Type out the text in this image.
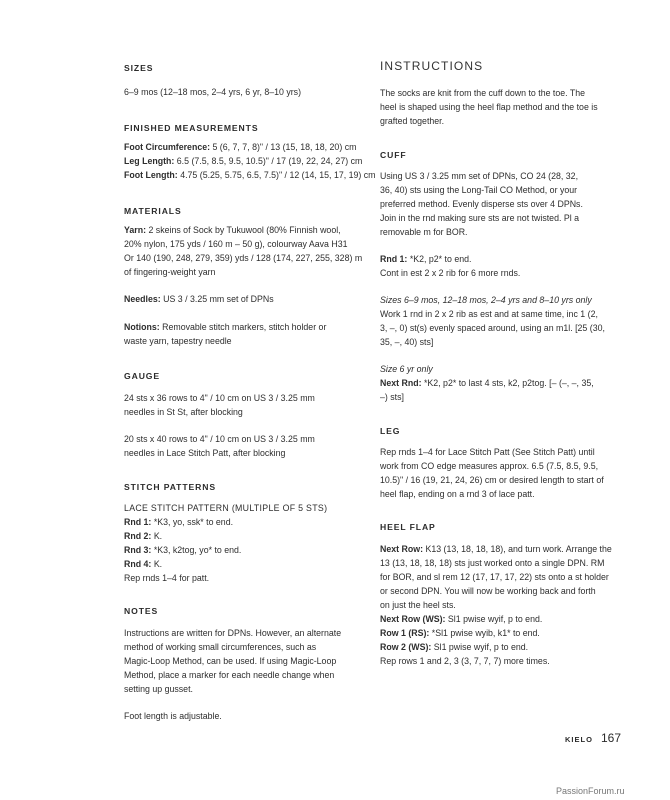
SIZES
6–9 mos (12–18 mos, 2–4 yrs, 6 yr, 8–10 yrs)
FINISHED MEASUREMENTS
Foot Circumference: 5 (6, 7, 7, 8)" / 13 (15, 18, 18, 20) cm
Leg Length: 6.5 (7.5, 8.5, 9.5, 10.5)" / 17 (19, 22, 24, 27) cm
Foot Length: 4.75 (5.25, 5.75, 6.5, 7.5)" / 12 (14, 15, 17, 19) cm
MATERIALS
Yarn: 2 skeins of Sock by Tukuwool (80% Finnish wool,
20% nylon, 175 yds / 160 m – 50 g), colourway Aava H31
Or 140 (190, 248, 279, 359) yds / 128 (174, 227, 255, 328) m
of fingering-weight yarn
Needles: US 3 / 3.25 mm set of DPNs
Notions: Removable stitch markers, stitch holder or
waste yarn, tapestry needle
GAUGE
24 sts x 36 rows to 4" / 10 cm on US 3 / 3.25 mm
needles in St St, after blocking
20 sts x 40 rows to 4" / 10 cm on US 3 / 3.25 mm
needles in Lace Stitch Patt, after blocking
STITCH PATTERNS
LACE STITCH PATTERN (MULTIPLE OF 5 STS)
Rnd 1: *K3, yo, ssk* to end.
Rnd 2: K.
Rnd 3: *K3, k2tog, yo* to end.
Rnd 4: K.
Rep rnds 1–4 for patt.
NOTES
Instructions are written for DPNs. However, an alternate
method of working small circumferences, such as
Magic-Loop Method, can be used. If using Magic-Loop
Method, place a marker for each needle change when
setting up gusset.
Foot length is adjustable.
INSTRUCTIONS
The socks are knit from the cuff down to the toe. The
heel is shaped using the heel flap method and the toe is
grafted together.
CUFF
Using US 3 / 3.25 mm set of DPNs, CO 24 (28, 32,
36, 40) sts using the Long-Tail CO Method, or your
preferred method. Evenly disperse sts over 4 DPNs.
Join in the rnd making sure sts are not twisted. Pl a
removable m for BOR.
Rnd 1: *K2, p2* to end.
Cont in est 2 x 2 rib for 6 more rnds.
Sizes 6–9 mos, 12–18 mos, 2–4 yrs and 8–10 yrs only
Work 1 rnd in 2 x 2 rib as est and at same time, inc 1 (2,
3, –, 0) st(s) evenly spaced around, using an m1l. [25 (30,
35, –, 40) sts]
Size 6 yr only
Next Rnd: *K2, p2* to last 4 sts, k2, p2tog. [– (–, –, 35,
–) sts]
LEG
Rep rnds 1–4 for Lace Stitch Patt (See Stitch Patt) until
work from CO edge measures approx. 6.5 (7.5, 8.5, 9.5,
10.5)" / 16 (19, 21, 24, 26) cm or desired length to start of
heel flap, ending on a rnd 3 of lace patt.
HEEL FLAP
Next Row: K13 (13, 18, 18, 18), and turn work. Arrange the
13 (13, 18, 18, 18) sts just worked onto a single DPN. RM
for BOR, and sl rem 12 (17, 17, 17, 22) sts onto a st holder
or second DPN. You will now be working back and forth
on just the heel sts.
Next Row (WS): Sl1 pwise wyif, p to end.
Row 1 (RS): *Sl1 pwise wyib, k1* to end.
Row 2 (WS): Sl1 pwise wyif, p to end.
Rep rows 1 and 2, 3 (3, 7, 7, 7) more times.
KIELO 167
PassionForum.ru
